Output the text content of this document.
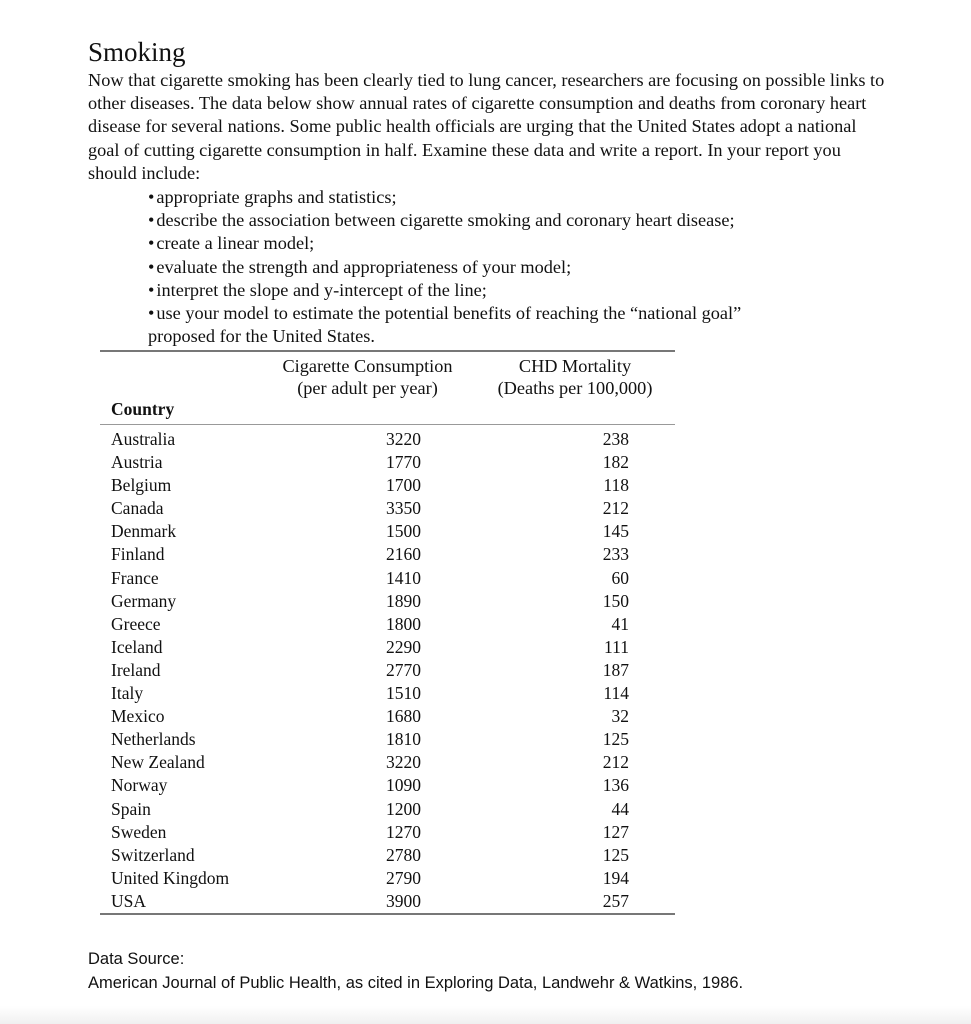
Smoking

Now that cigarette smoking has been clearly tied to lung cancer, researchers are focusing on possible links to other diseases. The data below show annual rates of cigarette consumption and deaths from coronary heart disease for several nations. Some public health officials are urging that the United States adopt a national goal of cutting cigarette consumption in half. Examine these data and write a report. In your report you should include:

• appropriate graphs and statistics;
• describe the association between cigarette smoking and coronary heart disease;
• create a linear model;
• evaluate the strength and appropriateness of your model;
• interpret the slope and y-intercept of the line;
• use your model to estimate the potential benefits of reaching the “national goal”
proposed for the United States.
Cigarette Consumption
(per adult per year)
CHD Mortality
(Deaths per 100,000)
Country
Australia	3220		238
Austria	1770		182
Belgium	1700		118
Canada	3350		212
Denmark	1500		145
Finland	2160		233
France	1410		60
Germany	1890		150
Greece	1800		41
Iceland	2290		111
Ireland	2770		187
Italy	1510		114
Mexico	1680		32
Netherlands	1810		125
New Zealand	3220		212
Norway	1090		136
Spain	1200		44
Sweden	1270		127
Switzerland	2780		125
United Kingdom	2790		194
USA	3900		257

Data Source:
American Journal of Public Health, as cited in Exploring Data, Landwehr & Watkins, 1986.
